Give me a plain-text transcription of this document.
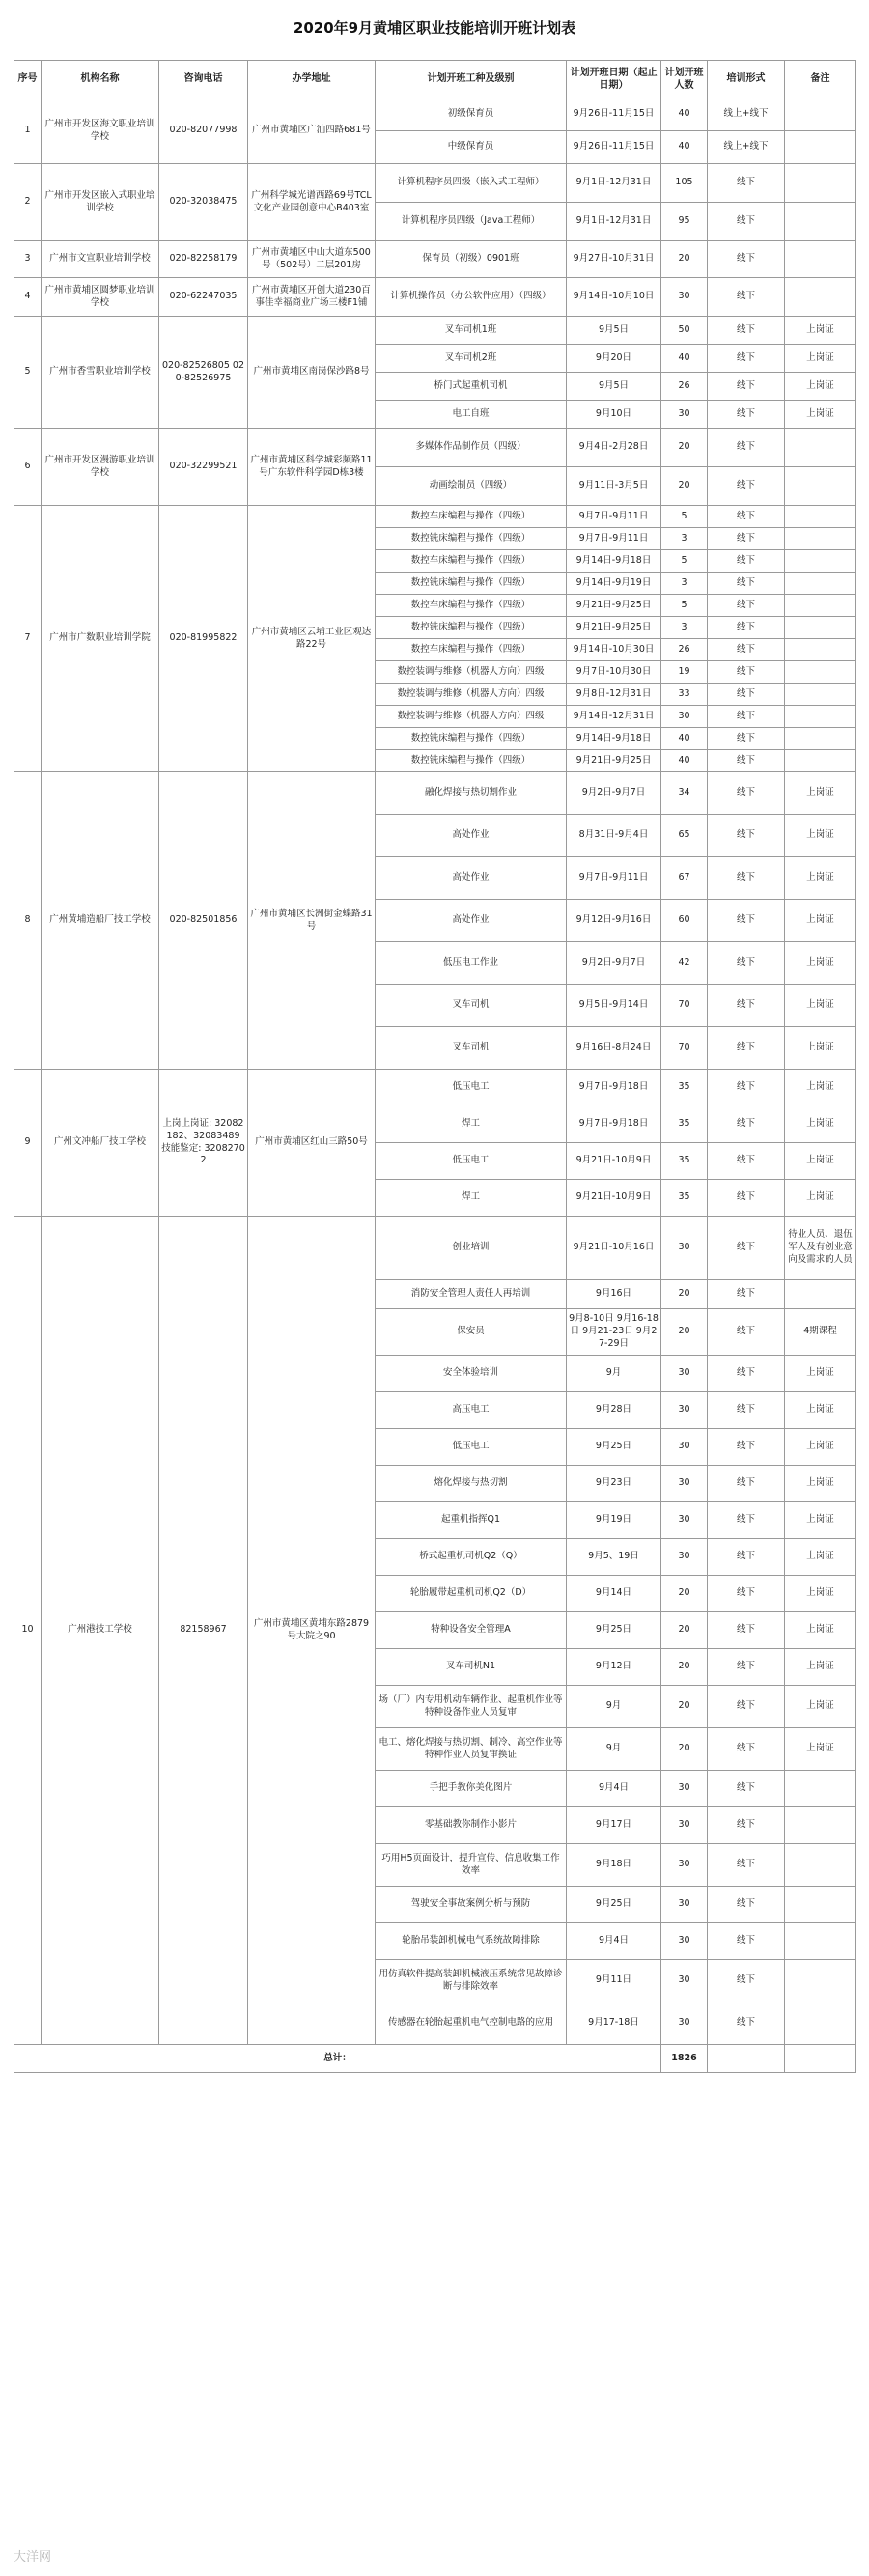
2020年9月黄埔区职业技能培训开班计划表
序号	机构名称	咨询电话	办学地址	计划开班工种及级别	计划开班日期（起止日期）	计划开班人数	培训形式	备注
1	广州市开发区海文职业培训学校	020-82077998	广州市黄埔区广汕四路681号	初级保育员	9月26日-11月15日	40	线上+线下	
				中级保育员	9月26日-11月15日	40	线上+线下	
2	广州市开发区嵌入式职业培训学校	020-32038475	广州科学城光谱西路69号TCL文化产业园创意中心B403室	计算机程序员四级（嵌入式工程师）	9月1日-12月31日	105	线下	
				计算机程序员四级（Java工程师）	9月1日-12月31日	95	线下	
3	广州市文宣职业培训学校	020-82258179	广州市黄埔区中山大道东500号（502号）二层201房	保育员（初级）0901班	9月27日-10月31日	20	线下	
4	广州市黄埔区圆梦职业培训学校	020-62247035	广州市黄埔区开创大道230百事佳幸福商业广场三楼F1铺	计算机操作员（办公软件应用）（四级）	9月14日-10月10日	30	线下	
5	广州市香雪职业培训学校	020-82526805 020-82526975	广州市黄埔区南岗保沙路8号	叉车司机1班	9月5日	50	线下	上岗证
				叉车司机2班	9月20日	40	线下	上岗证
				桥门式起重机司机	9月5日	26	线下	上岗证
				电工自班	9月10日	30	线下	上岗证
6	广州市开发区漫游职业培训学校	020-32299521	广州市黄埔区科学城彩频路11号广东软件科学园D栋3楼	多媒体作品制作员（四级）	9月4日-2月28日	20	线下	
				动画绘制员（四级）	9月11日-3月5日	20	线下	
7	广州市广数职业培训学院	020-81995822	广州市黄埔区云埔工业区观达路22号	数控车床编程与操作（四级）	9月7日-9月11日	5	线下	
				数控铣床编程与操作（四级）	9月7日-9月11日	3	线下	
				数控车床编程与操作（四级）	9月14日-9月18日	5	线下	
				数控铣床编程与操作（四级）	9月14日-9月19日	3	线下	
				数控车床编程与操作（四级）	9月21日-9月25日	5	线下	
				数控铣床编程与操作（四级）	9月21日-9月25日	3	线下	
				数控车床编程与操作（四级）	9月14日-10月30日	26	线下	
				数控装调与维修（机器人方向）四级	9月7日-10月30日	19	线下	
				数控装调与维修（机器人方向）四级	9月8日-12月31日	33	线下	
				数控装调与维修（机器人方向）四级	9月14日-12月31日	30	线下	
				数控铣床编程与操作（四级）	9月14日-9月18日	40	线下	
				数控铣床编程与操作（四级）	9月21日-9月25日	40	线下	
8	广州黄埔造船厂技工学校	020-82501856	广州市黄埔区长洲街金蝶路31号	融化焊接与热切割作业	9月2日-9月7日	34	线下	上岗证
				高处作业	8月31日-9月4日	65	线下	上岗证
				高处作业	9月7日-9月11日	67	线下	上岗证
				高处作业	9月12日-9月16日	60	线下	上岗证
				低压电工作业	9月2日-9月7日	42	线下	上岗证
				叉车司机	9月5日-9月14日	70	线下	上岗证
				叉车司机	9月16日-8月24日	70	线下	上岗证
9	广州文冲船厂技工学校	上岗上岗证: 32082182、32083489 技能鉴定: 32082702	广州市黄埔区红山三路50号	低压电工	9月7日-9月18日	35	线下	上岗证
				焊工	9月7日-9月18日	35	线下	上岗证
				低压电工	9月21日-10月9日	35	线下	上岗证
				焊工	9月21日-10月9日	35	线下	上岗证
10	广州港技工学校	82158967	广州市黄埔区黄埔东路2879号大院之90	创业培训	9月21日-10月16日	30	线下	待业人员、退伍军人及有创业意向及需求的人员
				消防安全管理人责任人再培训	9月16日	20	线下	
				保安员	9月8-10日 9月16-18日 9月21-23日 9月27-29日	20	线下	4期课程
				安全体验培训	9月	30	线下	上岗证
				高压电工	9月28日	30	线下	上岗证
				低压电工	9月25日	30	线下	上岗证
				熔化焊接与热切割	9月23日	30	线下	上岗证
				起重机指挥Q1	9月19日	30	线下	上岗证
				桥式起重机司机Q2（Q）	9月5、19日	30	线下	上岗证
				轮胎履带起重机司机Q2（D）	9月14日	20	线下	上岗证
				特种设备安全管理A	9月25日	20	线下	上岗证
				叉车司机N1	9月12日	20	线下	上岗证
				场（厂）内专用机动车辆作业、起重机作业等特种设备作业人员复审	9月	20	线下	上岗证
				电工、熔化焊接与热切割、制冷、高空作业等特种作业人员复审换证	9月	20	线下	上岗证
				手把手教你美化图片	9月4日	30	线下	
				零基础教你制作小影片	9月17日	30	线下	
				巧用H5页面设计，提升宣传、信息收集工作效率	9月18日	30	线下	
				驾驶安全事故案例分析与预防	9月25日	30	线下	
				轮胎吊装卸机械电气系统故障排除	9月4日	30	线下	
				用仿真软件提高装卸机械液压系统常见故障诊断与排除效率	9月11日	30	线下	
				传感器在轮胎起重机电气控制电路的应用	9月17-18日	30	线下	
总计：						1826		
大洋网
